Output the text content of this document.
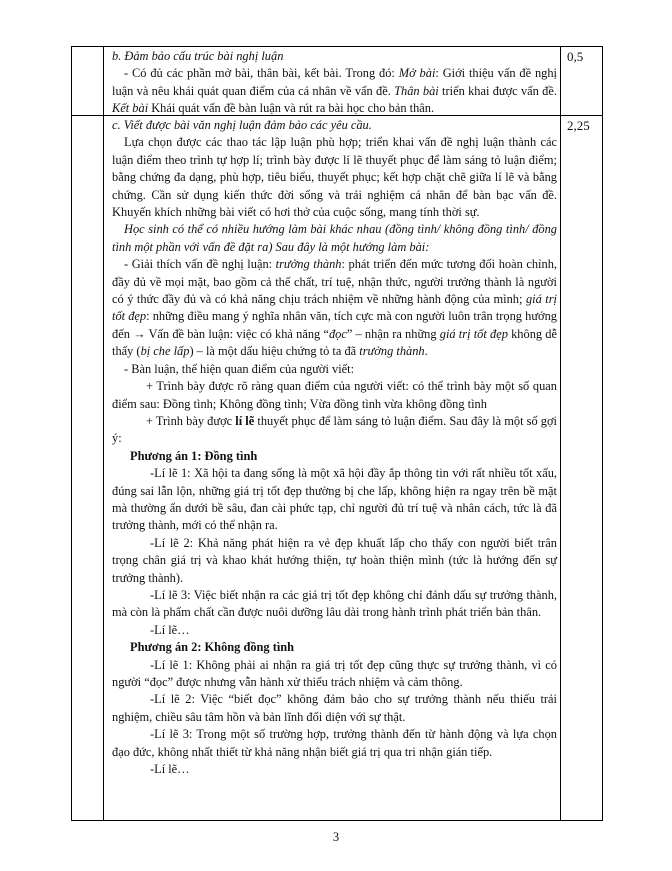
b. Đảm bảo cấu trúc bài nghị luận

- Có đủ các phần mở bài, thân bài, kết bài. Trong đó: Mở bài: Giới thiệu vấn đề nghị luận và nêu khái quát quan điểm của cá nhân về vấn đề. Thân bài triển khai được vấn đề. Kết bài Khái quát vấn đề bàn luận và rút ra bài học cho bản thân.

0,5

c. Viết được bài văn nghị luận đảm bảo các yêu cầu.

Lựa chọn được các thao tác lập luận phù hợp; triển khai vấn đề nghị luận thành các luận điểm theo trình tự hợp lí; trình bày được lí lẽ thuyết phục để làm sáng tỏ luận điểm; bằng chứng đa dạng, phù hợp, tiêu biểu, thuyết phục; kết hợp chặt chẽ giữa lí lẽ và bằng chứng. Cần sử dụng kiến thức đời sống và trải nghiệm cá nhân để bàn bạc vấn đề. Khuyến khích những bài viết có hơi thở của cuộc sống, mang tính thời sự.

Học sinh có thể có nhiều hướng làm bài khác nhau (đồng tình/ không đồng tình/ đồng tình một phần với vấn đề đặt ra) Sau đây là một hướng làm bài:

- Giải thích vấn đề nghị luận: trưởng thành: phát triển đến mức tương đối hoàn chỉnh, đầy đủ về mọi mặt, bao gồm cả thể chất, trí tuệ, nhận thức, người trưởng thành là người có ý thức đầy đủ và có khả năng chịu trách nhiệm về những hành động của mình; giá trị tốt đẹp: những điều mang ý nghĩa nhân văn, tích cực mà con người luôn trân trọng hướng đến → Vấn đề bàn luận: việc có khả năng “đọc” – nhận ra những giá trị tốt đẹp không dễ thấy (bị che lấp) – là một dấu hiệu chứng tỏ ta đã trưởng thành.

- Bàn luận, thể hiện quan điểm của người viết:

+ Trình bày được rõ ràng quan điểm của người viết: có thể trình bày một số quan điểm sau: Đồng tình; Không đồng tình; Vừa đồng tình vừa không đồng tình

+ Trình bày được lí lẽ thuyết phục để làm sáng tỏ luận điểm. Sau đây là một số gợi ý:

Phương án 1: Đồng tình

-Lí lẽ 1: Xã hội ta đang sống là một xã hội đầy ắp thông tin với rất nhiều tốt xấu, đúng sai lẫn lộn, những giá trị tốt đẹp thường bị che lấp, không hiện ra ngay trên bề mặt mà thường ẩn dưới bề sâu, đan cài phức tạp, chỉ người đủ trí tuệ và nhân cách, tức là đã trưởng thành, mới có thể nhận ra.

-Lí lẽ 2: Khả năng phát hiện ra vẻ đẹp khuất lấp cho thấy con người biết trân trọng chân giá trị và khao khát hướng thiện, tự hoàn thiện mình (tức là hướng đến sự trưởng thành).

-Lí lẽ 3: Việc biết nhận ra các giá trị tốt đẹp không chỉ đánh dấu sự trưởng thành, mà còn là phẩm chất cần được nuôi dưỡng lâu dài trong hành trình phát triển bản thân.

-Lí lẽ…

Phương án 2: Không đồng tình

-Lí lẽ 1: Không phải ai nhận ra giá trị tốt đẹp cũng thực sự trưởng thành, vì có người “đọc” được nhưng vẫn hành xử thiếu trách nhiệm và cảm thông.

-Lí lẽ 2: Việc “biết đọc” không đảm bảo cho sự trưởng thành nếu thiếu trải nghiệm, chiều sâu tâm hồn và bản lĩnh đối diện với sự thật.

-Lí lẽ 3: Trong một số trường hợp, trưởng thành đến từ hành động và lựa chọn đạo đức, không nhất thiết từ khả năng nhận biết giá trị qua tri nhận gián tiếp.

-Lí lẽ…

2,25
3
